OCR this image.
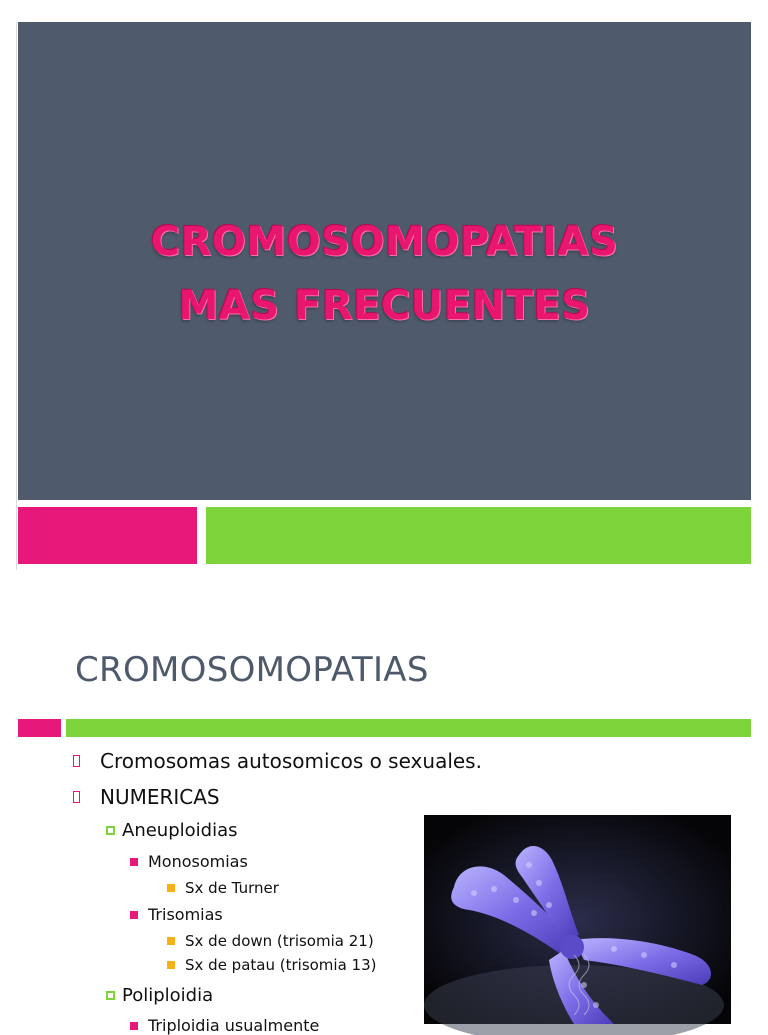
CROMOSOMOPATIAS
MAS FRECUENTES
CROMOSOMOPATIAS
Cromosomas autosomicos o sexuales.
NUMERICAS
Aneuploidias
Monosomias
Sx de Turner
Trisomias
Sx de down (trisomia 21)
Sx de patau (trisomia 13)
Poliploidia
Triploidia usualmente
